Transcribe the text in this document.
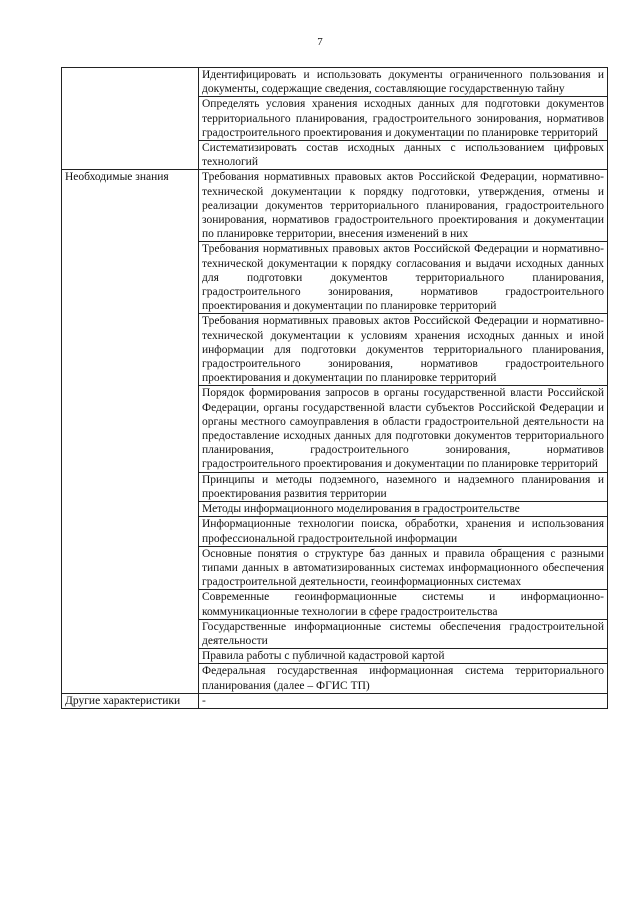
7
	Идентифицировать и использовать документы ограниченного пользования и документы, содержащие сведения, составляющие государственную тайну
	Определять условия хранения исходных данных для подготовки документов территориального планирования, градостроительного зонирования, нормативов градостроительного проектирования и документации по планировке территорий
	Систематизировать состав исходных данных с использованием цифровых технологий
Необходимые знания	Требования нормативных правовых актов Российской Федерации, нормативно-технической документации к порядку подготовки, утверждения, отмены и реализации документов территориального планирования, градостроительного зонирования, нормативов градостроительного проектирования и документации по планировке территории, внесения изменений в них
	Требования нормативных правовых актов Российской Федерации и нормативно-технической документации к порядку согласования и выдачи исходных данных для подготовки документов территориального планирования, градостроительного зонирования, нормативов градостроительного проектирования и документации по планировке территорий
	Требования нормативных правовых актов Российской Федерации и нормативно-технической документации к условиям хранения исходных данных и иной информации для подготовки документов территориального планирования, градостроительного зонирования, нормативов градостроительного проектирования и документации по планировке территорий
	Порядок формирования запросов в органы государственной власти Российской Федерации, органы государственной власти субъектов Российской Федерации и органы местного самоуправления в области градостроительной деятельности на предоставление исходных данных для подготовки документов территориального планирования, градостроительного зонирования, нормативов градостроительного проектирования и документации по планировке территорий
	Принципы и методы подземного, наземного и надземного планирования и проектирования развития территории
	Методы информационного моделирования в градостроительстве
	Информационные технологии поиска, обработки, хранения и использования профессиональной градостроительной информации
	Основные понятия о структуре баз данных и правила обращения с разными типами данных в автоматизированных системах информационного обеспечения градостроительной деятельности, геоинформационных системах
	Современные геоинформационные системы и информационно-коммуникационные технологии в сфере градостроительства
	Государственные информационные системы обеспечения градостроительной деятельности
	Правила работы с публичной кадастровой картой
	Федеральная государственная информационная система территориального планирования (далее – ФГИС ТП)
Другие характеристики	-
